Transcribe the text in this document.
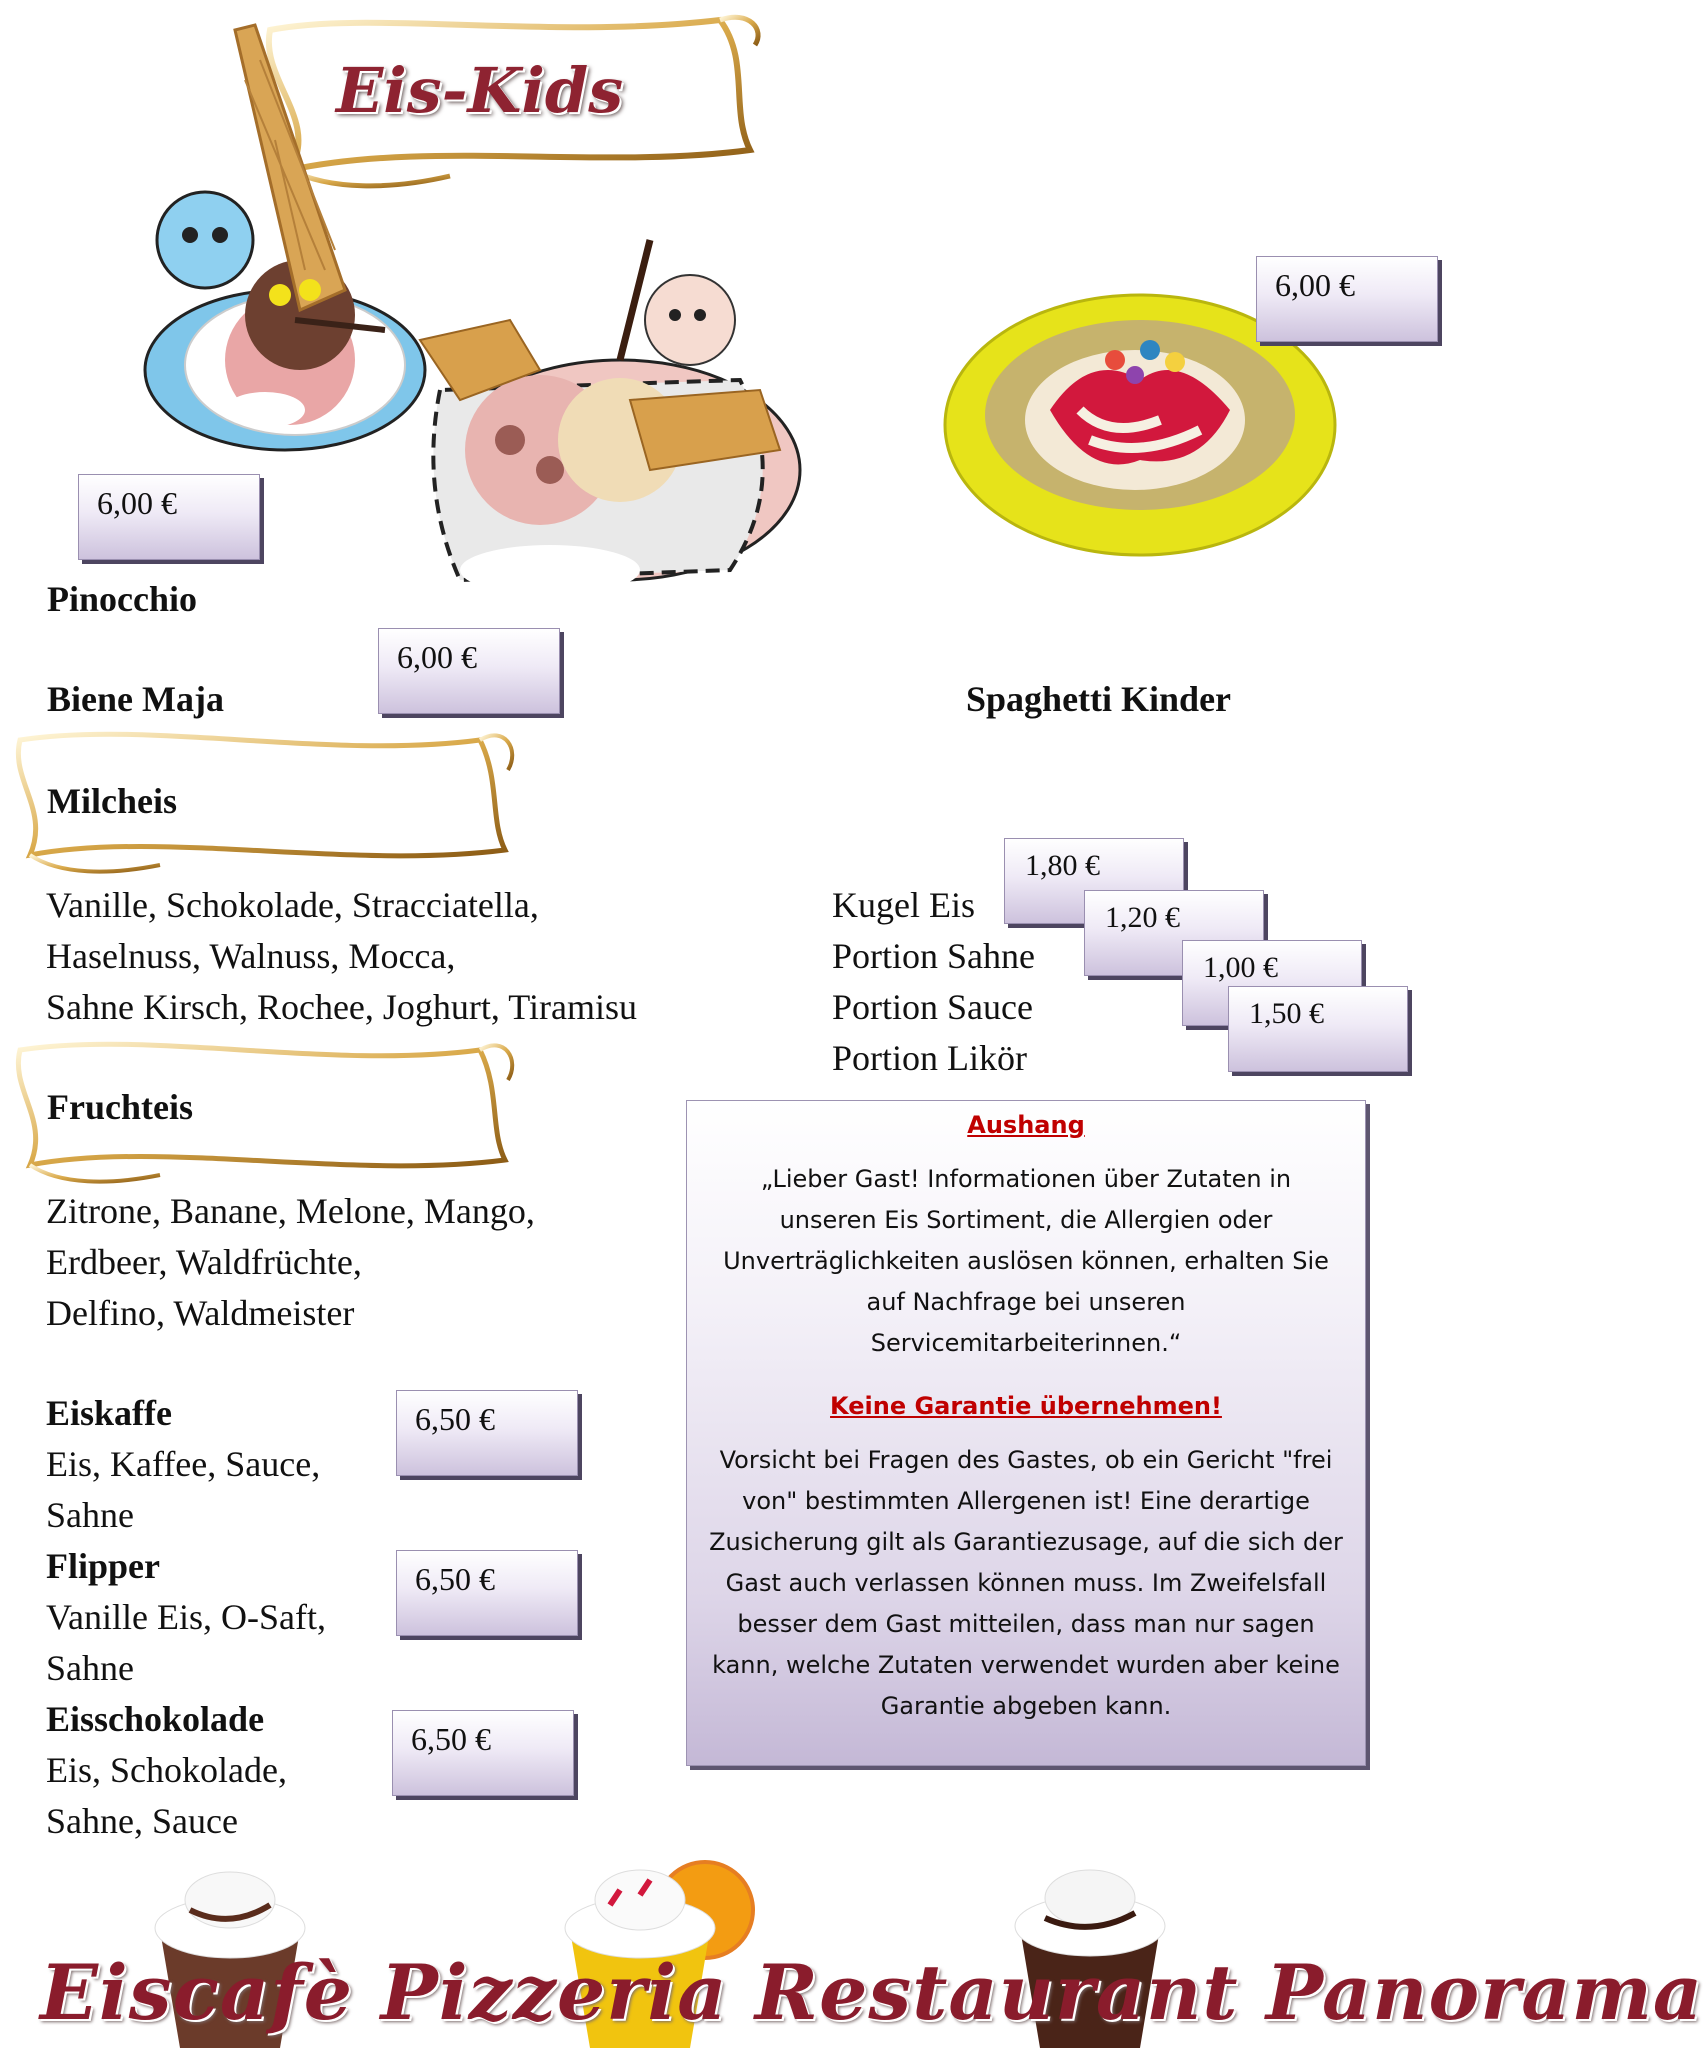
Eis-Kids
6,00 €
Pinocchio
6,00 €
Biene Maja
6,00 €
Spaghetti Kinder
Milcheis
Vanille, Schokolade, Stracciatella,
Haselnuss, Walnuss, Mocca,
Sahne Kirsch, Rochee, Joghurt, Tiramisu
Kugel Eis
Portion Sahne
Portion Sauce
Portion Likör
1,80 €
1,20 €
1,00 €
1,50 €
Fruchteis
Zitrone, Banane, Melone, Mango,
Erdbeer, Waldfrüchte,
Delfino, Waldmeister
Eiskaffe
Eis, Kaffee, Sauce,
Sahne
Flipper
Vanille Eis, O-Saft,
Sahne
Eisschokolade
Eis, Schokolade,
Sahne, Sauce
6,50 €
6,50 €
6,50 €
Aushang

„Lieber Gast! Informationen über Zutaten in unseren Eis Sortiment, die Allergien oder Unverträglichkeiten auslösen können, erhalten Sie auf Nachfrage bei unseren Servicemitarbeiterinnen.“

Keine Garantie übernehmen!

Vorsicht bei Fragen des Gastes, ob ein Gericht "frei von" bestimmten Allergenen ist! Eine derartige Zusicherung gilt als Garantiezusage, auf die sich der Gast auch verlassen können muss. Im Zweifelsfall besser dem Gast mitteilen, dass man nur sagen kann, welche Zutaten verwendet wurden aber keine Garantie abgeben kann.

Eiscafè Pizzeria Restaurant Panorama
